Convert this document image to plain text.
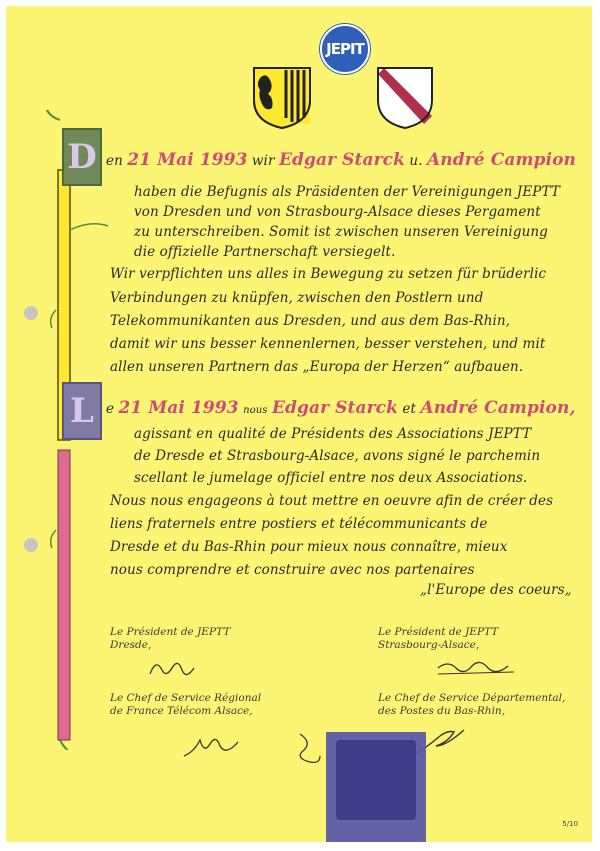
JEPIT
D
L
en 21 Mai 1993 wir Edgar Starck u. André Campion
haben die Befugnis als Präsidenten der Vereinigungen JEPTT
von Dresden und von Strasbourg-Alsace dieses Pergament
zu unterschreiben. Somit ist zwischen unseren Vereinigung
die offizielle Partnerschaft versiegelt.
Wir verpflichten uns alles in Bewegung zu setzen für brüderlic
Verbindungen zu knüpfen, zwischen den Postlern und
Telekommunikanten aus Dresden, und aus dem Bas-Rhin,
damit wir uns besser kennenlernen, besser verstehen, und mit
allen unseren Partnern das „Europa der Herzen“ aufbauen.
e 21 Mai 1993 nous Edgar Starck et André Campion,
agissant en qualité de Présidents des Associations JEPTT
de Dresde et Strasbourg-Alsace, avons signé le parchemin
scellant le jumelage officiel entre nos deux Associations.
Nous nous engageons à tout mettre en oeuvre afin de créer des
liens fraternels entre postiers et télécommunicants de
Dresde et du Bas-Rhin pour mieux nous connaître, mieux
nous comprendre et construire avec nos partenaires
„l'Europe des coeurs„
Le Président de JEPTT
Dresde,
Le Président de JEPTT
Strasbourg-Alsace,
Le Chef de Service Régional
de France Télécom Alsace,
Le Chef de Service Départemental,
des Postes du Bas-Rhin,
5/10
